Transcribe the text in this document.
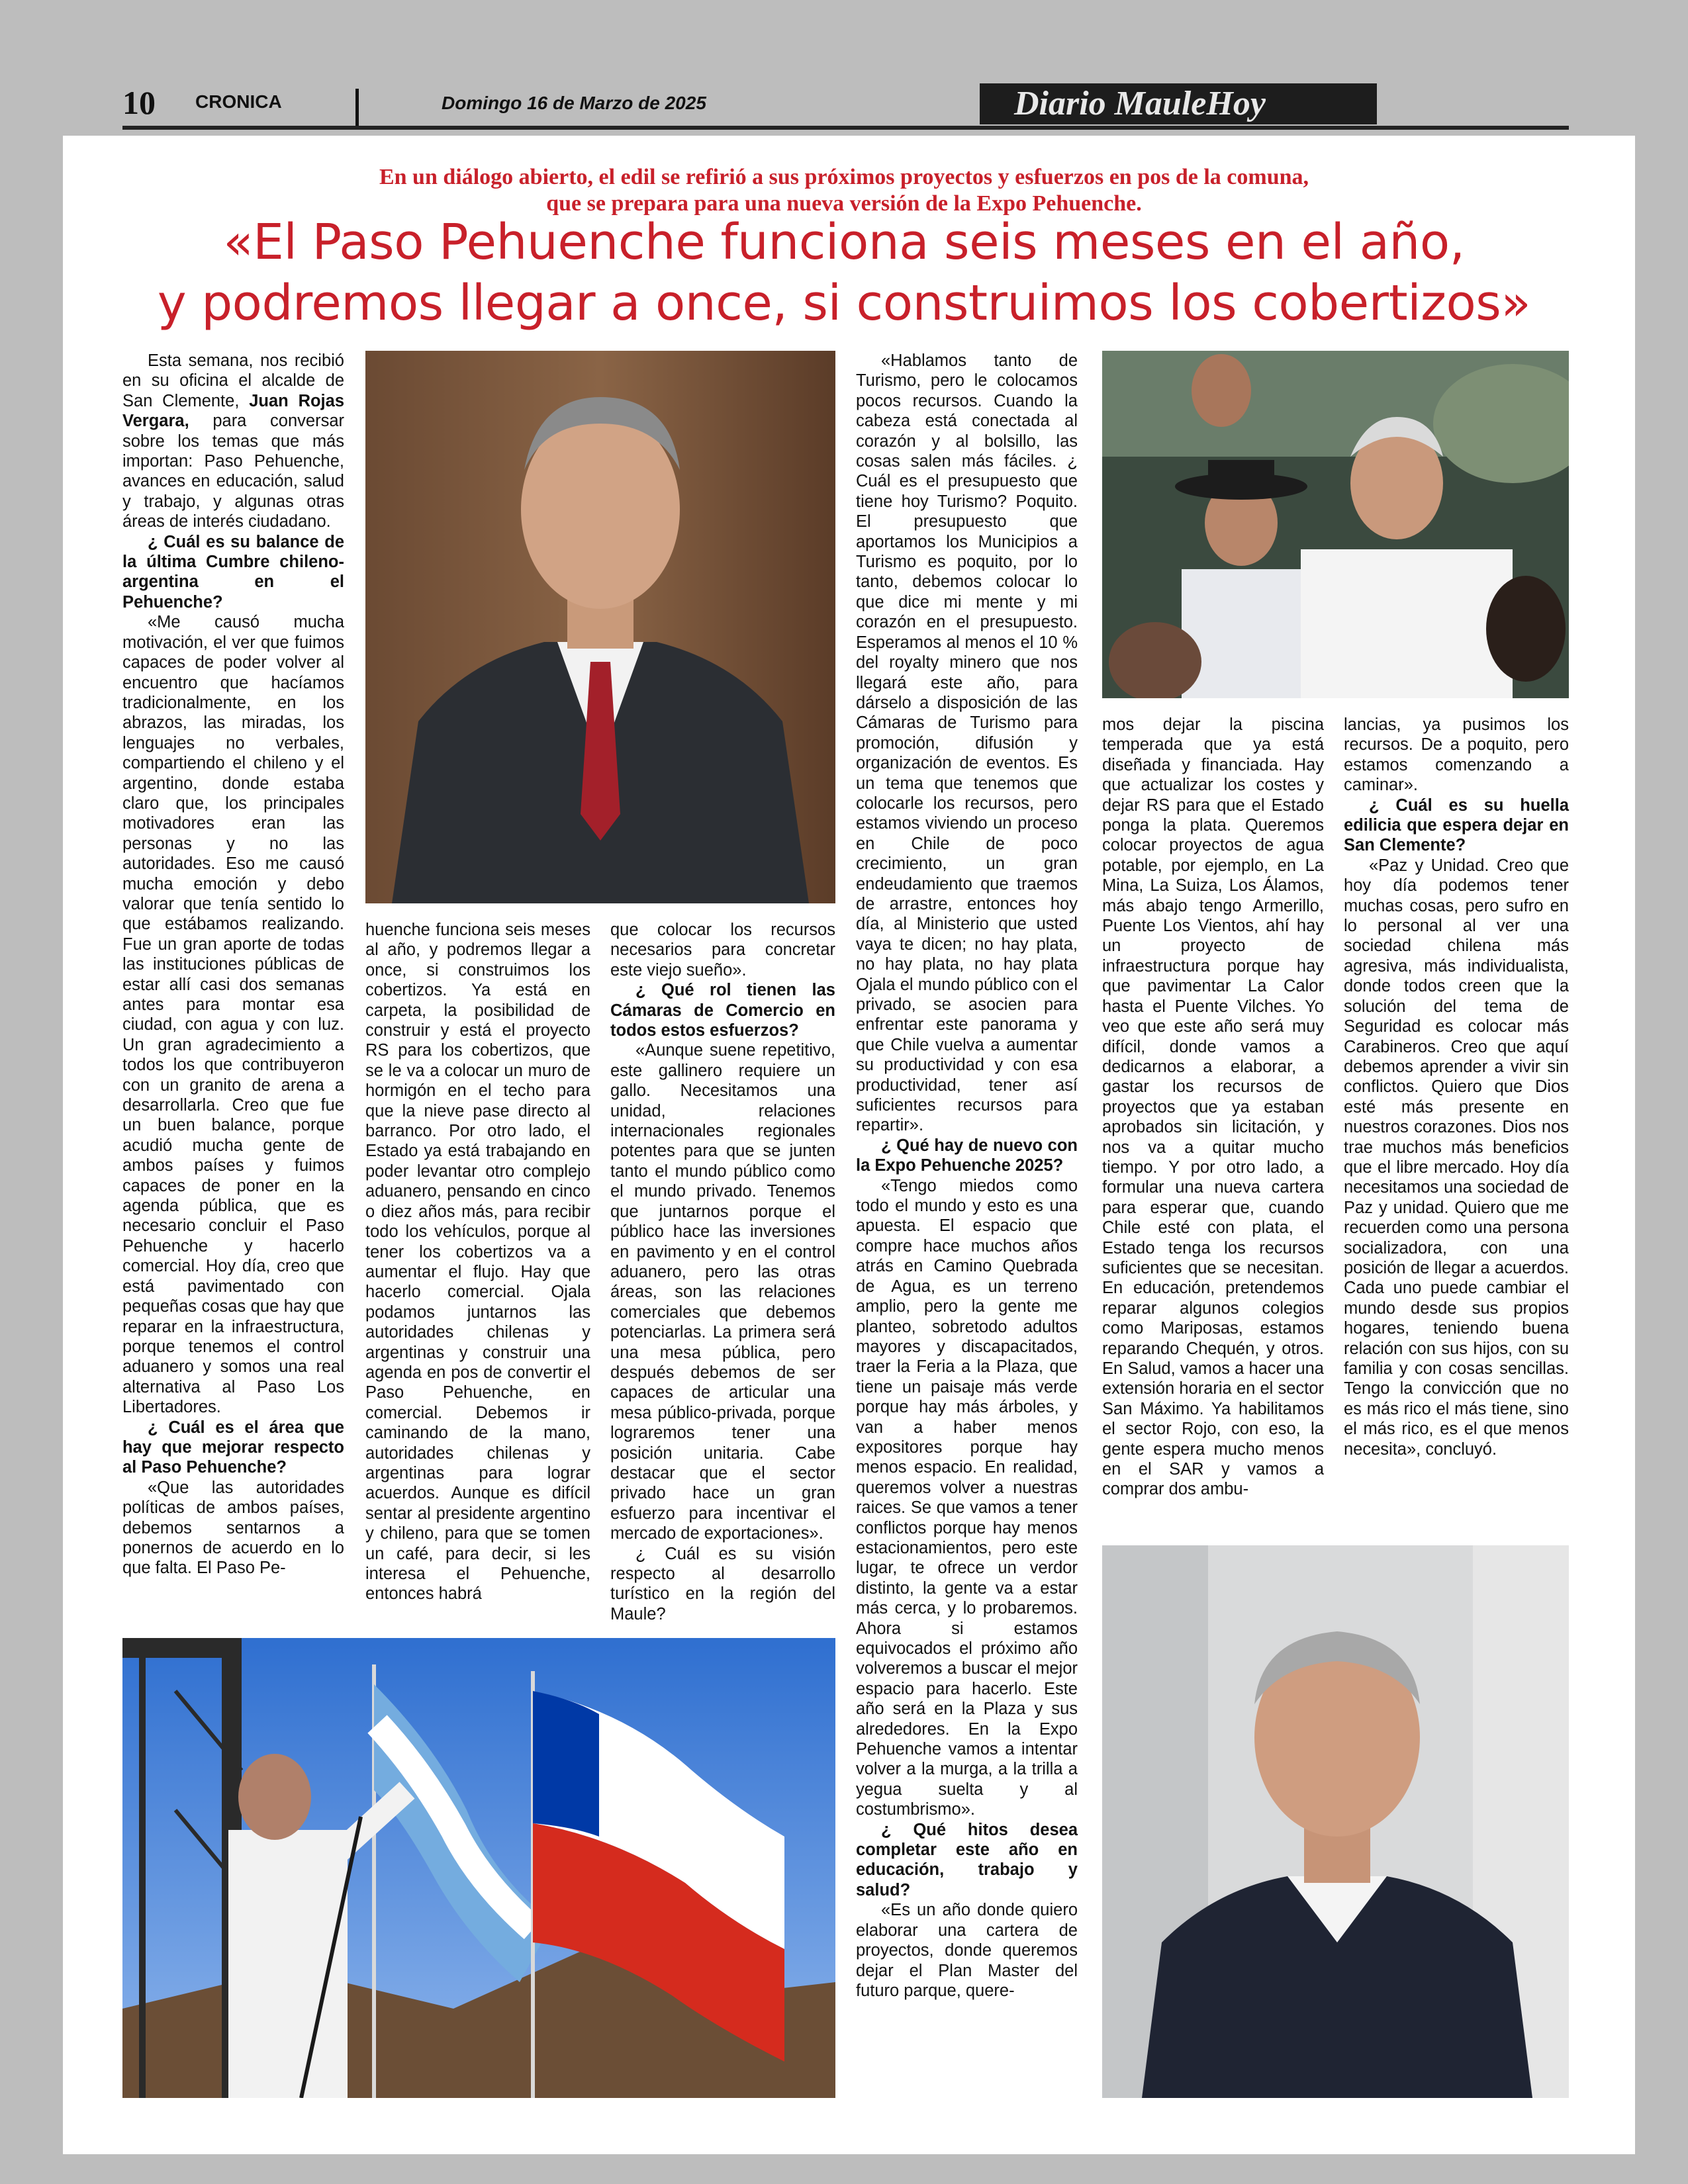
10 CRONICA	Domingo 16 de Marzo de 2025	Diario MauleHoy
En un diálogo abierto, el edil se refirió a sus próximos proyectos y esfuerzos en pos de la comuna,
que se prepara para una nueva versión de la Expo Pehuenche.
«El Paso Pehuenche funciona seis meses en el año,
y podremos llegar a once, si construimos los cobertizos»

Esta semana, nos recibió en su oficina el alcalde de San Clemente, Juan Rojas Vergara, para conversar sobre los temas que más importan: Paso Pehuenche, avances en educación, salud y trabajo, y algunas otras áreas de interés ciudadano.

¿ Cuál es su balance de la última Cumbre chileno-argentina en el Pehuenche?

«Me causó mucha motivación, el ver que fuimos capaces de poder volver al encuentro que hacíamos tradicionalmente, en los abrazos, las miradas, los lenguajes no verbales, compartiendo el chileno y el argentino, donde estaba claro que, los principales motivadores eran las personas y no las autoridades. Eso me causó mucha emoción y debo valorar que tenía sentido lo que estábamos realizando. Fue un gran aporte de todas las instituciones públicas de estar allí casi dos semanas antes para montar esa ciudad, con agua y con luz. Un gran agradecimiento a todos los que contribuyeron con un granito de arena a desarrollarla. Creo que fue un buen balance, porque acudió mucha gente de ambos países y fuimos capaces de poner en la agenda pública, que es necesario concluir el Paso Pehuenche y hacerlo comercial. Hoy día, creo que está pavimentado con pequeñas cosas que hay que reparar en la infraestructura, porque tenemos el control aduanero y somos una real alternativa al Paso Los Libertadores.

¿ Cuál es el área que hay que mejorar respecto al Paso Pehuenche?

«Que las autoridades políticas de ambos países, debemos sentarnos a ponernos de acuerdo en lo que falta. El Paso Pe-

huenche funciona seis meses al año, y podremos llegar a once, si construimos los cobertizos. Ya está en carpeta, la posibilidad de construir y está el proyecto RS para los cobertizos, que se le va a colocar un muro de hormigón en el techo para que la nieve pase directo al barranco. Por otro lado, el Estado ya está trabajando en poder levantar otro complejo aduanero, pensando en cinco o diez años más, para recibir todo los vehículos, porque al tener los cobertizos va a aumentar el flujo. Hay que hacerlo comercial. Ojala podamos juntarnos las autoridades chilenas y argentinas y construir una agenda en pos de convertir el Paso Pehuenche, en comercial. Debemos ir caminando de la mano, autoridades chilenas y argentinas para lograr acuerdos. Aunque es difícil sentar al presidente argentino y chileno, para que se tomen un café, para decir, si les interesa el Pehuenche, entonces habrá

que colocar los recursos necesarios para concretar este viejo sueño».

¿ Qué rol tienen las Cámaras de Comercio en todos estos esfuerzos?

«Aunque suene repetitivo, este gallinero requiere un gallo. Necesitamos una unidad, relaciones internacionales regionales potentes para que se junten tanto el mundo público como el mundo privado. Tenemos que juntarnos porque el público hace las inversiones en pavimento y en el control aduanero, pero las otras áreas, son las relaciones comerciales que debemos potenciarlas. La primera será una mesa pública, pero después debemos de ser capaces de articular una mesa público-privada, porque lograremos tener una posición unitaria. Cabe destacar que el sector privado hace un gran esfuerzo para incentivar el mercado de exportaciones».

¿ Cuál es su visión respecto al desarrollo turístico en la región del Maule?

«Hablamos tanto de Turismo, pero le colocamos pocos recursos. Cuando la cabeza está conectada al corazón y al bolsillo, las cosas salen más fáciles. ¿ Cuál es el presupuesto que tiene hoy Turismo? Poquito. El presupuesto que aportamos los Municipios a Turismo es poquito, por lo tanto, debemos colocar lo que dice mi mente y mi corazón en el presupuesto. Esperamos al menos el 10 % del royalty minero que nos llegará este año, para dárselo a disposición de las Cámaras de Turismo para promoción, difusión y organización de eventos. Es un tema que tenemos que colocarle los recursos, pero estamos viviendo un proceso en Chile de poco crecimiento, un gran endeudamiento que traemos de arrastre, entonces hoy día, al Ministerio que usted vaya te dicen; no hay plata, no hay plata, no hay plata Ojala el mundo público con el privado, se asocien para enfrentar este panorama y que Chile vuelva a aumentar su productividad y con esa productividad, tener así suficientes recursos para repartir».

¿ Qué hay de nuevo con la Expo Pehuenche 2025?

«Tengo miedos como todo el mundo y esto es una apuesta. El espacio que compre hace muchos años atrás en Camino Quebrada de Agua, es un terreno amplio, pero la gente me planteo, sobretodo adultos mayores y discapacitados, traer la Feria a la Plaza, que tiene un paisaje más verde porque hay más árboles, y van a haber menos expositores porque hay menos espacio. En realidad, queremos volver a nuestras raices. Se que vamos a tener conflictos porque hay menos estacionamientos, pero este lugar, te ofrece un verdor distinto, la gente va a estar más cerca, y lo probaremos. Ahora si estamos equivocados el próximo año volveremos a buscar el mejor espacio para hacerlo. Este año será en la Plaza y sus alrededores. En la Expo Pehuenche vamos a intentar volver a la murga, a la trilla a yegua suelta y al costumbrismo».

¿ Qué hitos desea completar este año en educación, trabajo y salud?

«Es un año donde quiero elaborar una cartera de proyectos, donde queremos dejar el Plan Master del futuro parque, quere-

mos dejar la piscina temperada que ya está diseñada y financiada. Hay que actualizar los costes y dejar RS para que el Estado ponga la plata. Queremos colocar proyectos de agua potable, por ejemplo, en La Mina, La Suiza, Los Álamos, más abajo tengo Armerillo, Puente Los Vientos, ahí hay un proyecto de infraestructura porque hay que pavimentar La Calor hasta el Puente Vilches. Yo veo que este año será muy difícil, donde vamos a dedicarnos a elaborar, a gastar los recursos de proyectos que ya estaban aprobados sin licitación, y nos va a quitar mucho tiempo. Y por otro lado, a formular una nueva cartera para esperar que, cuando Chile esté con plata, el Estado tenga los recursos suficientes que se necesitan. En educación, pretendemos reparar algunos colegios como Mariposas, estamos reparando Chequén, y otros. En Salud, vamos a hacer una extensión horaria en el sector San Máximo. Ya habilitamos el sector Rojo, con eso, la gente espera mucho menos en el SAR y vamos a comprar dos ambu-

lancias, ya pusimos los recursos. De a poquito, pero estamos comenzando a caminar».

¿ Cuál es su huella edilicia que espera dejar en San Clemente?

«Paz y Unidad. Creo que hoy día podemos tener muchas cosas, pero sufro en lo personal al ver una sociedad chilena más agresiva, más individualista, donde todos creen que la solución del tema de Seguridad es colocar más Carabineros. Creo que aquí debemos aprender a vivir sin conflictos. Quiero que Dios esté más presente en nuestros corazones. Dios nos trae muchos más beneficios que el libre mercado. Hoy día necesitamos una sociedad de Paz y unidad. Quiero que me recuerden como una persona socializadora, con una posición de llegar a acuerdos. Cada uno puede cambiar el mundo desde sus propios hogares, teniendo buena relación con sus hijos, con su familia y con cosas sencillas. Tengo la convicción que no es más rico el más tiene, sino el más rico, es el que menos necesita», concluyó.
